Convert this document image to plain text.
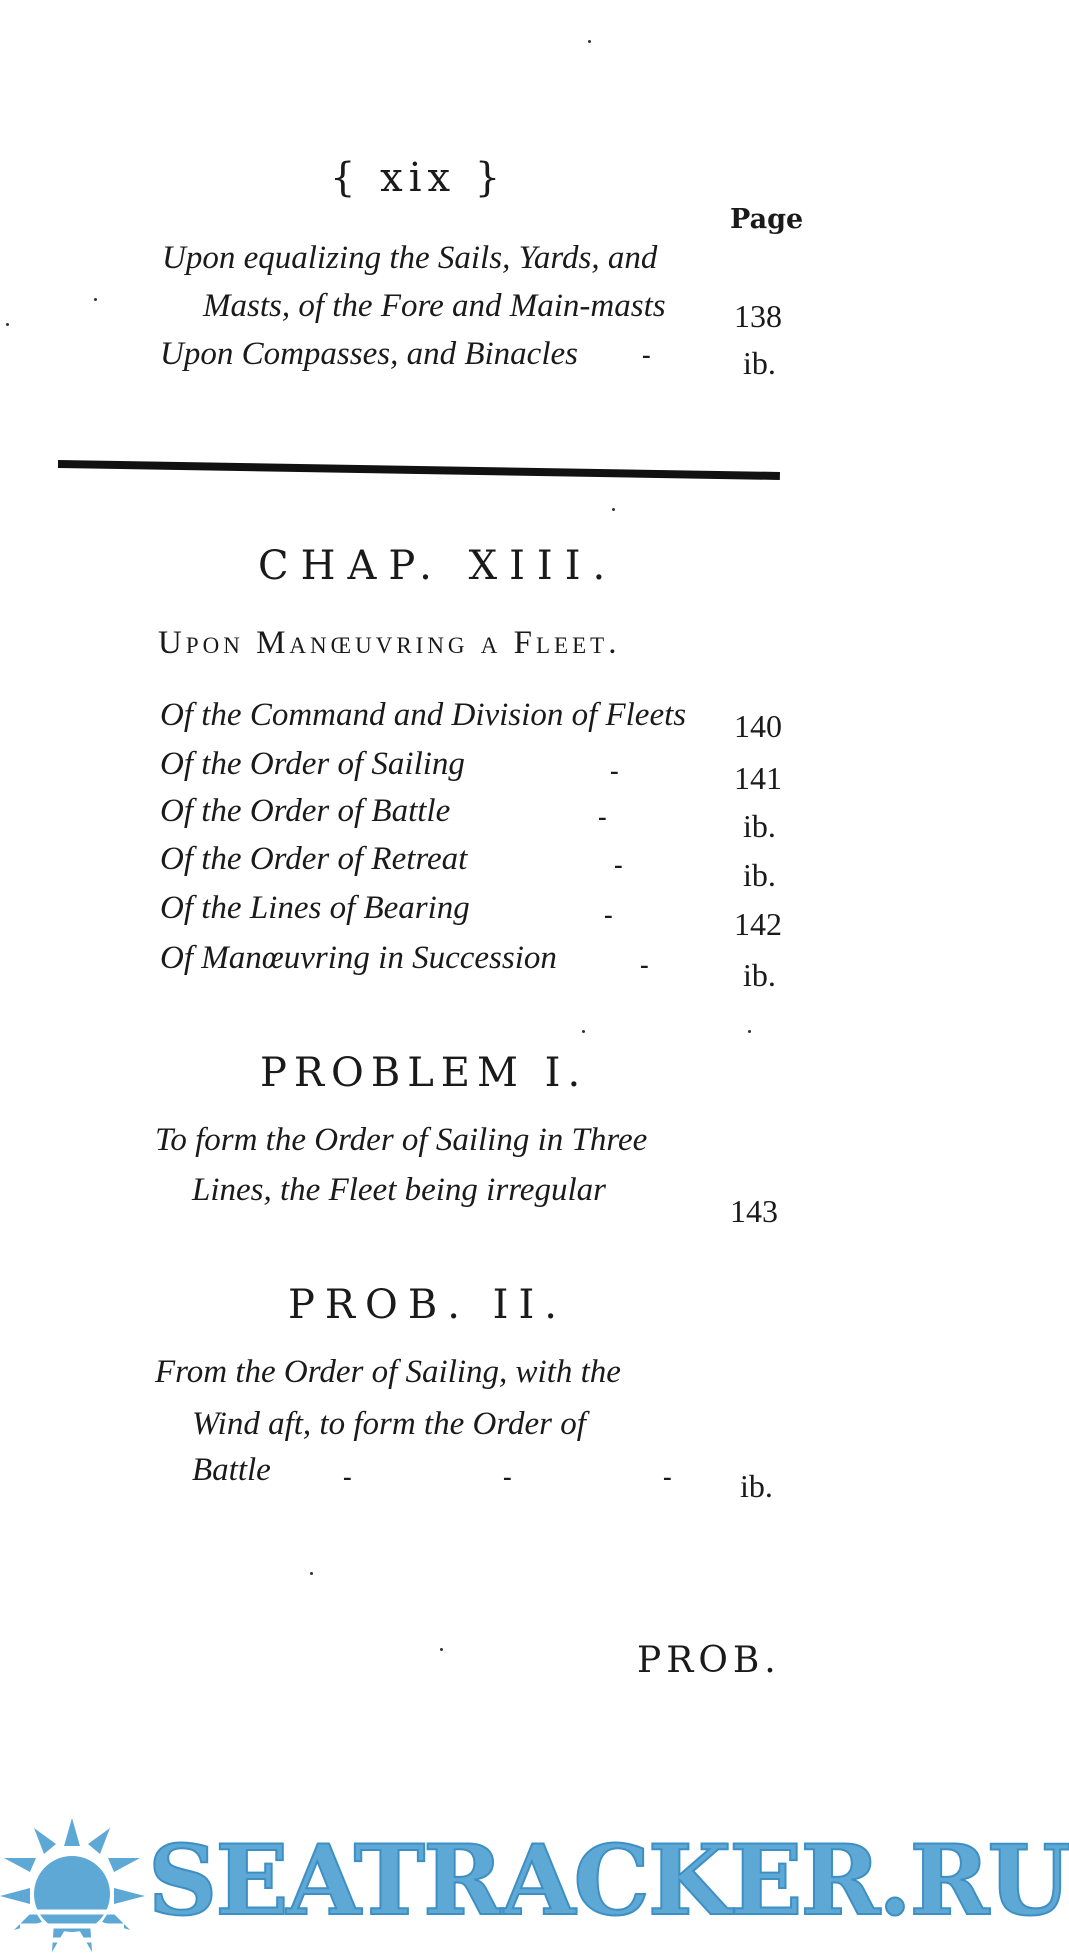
{ xix }
Page
Upon equalizing the Sails, Yards, and
Masts, of the Fore and Main-masts 138
Upon Compasses, and Binacles -	ib.
CHAP. XIII.
Upon Manœuvring a Fleet.
Of the Command and Division of Fleets 140
Of the Order of Sailing	-	141
Of the Order of Battle	-	ib.
Of the Order of Retreat	-	ib.
Of the Lines of Bearing	-	142
Of Manœuvring in Succession	-	ib.
PROBLEM I.
To form the Order of Sailing in Three
Lines, the Fleet being irregular
143
PROB. II.
From the Order of Sailing, with the
Wind aft, to form the Order of
Battle	-	-	- ib.
PROB.
SEATRACKER.RU
